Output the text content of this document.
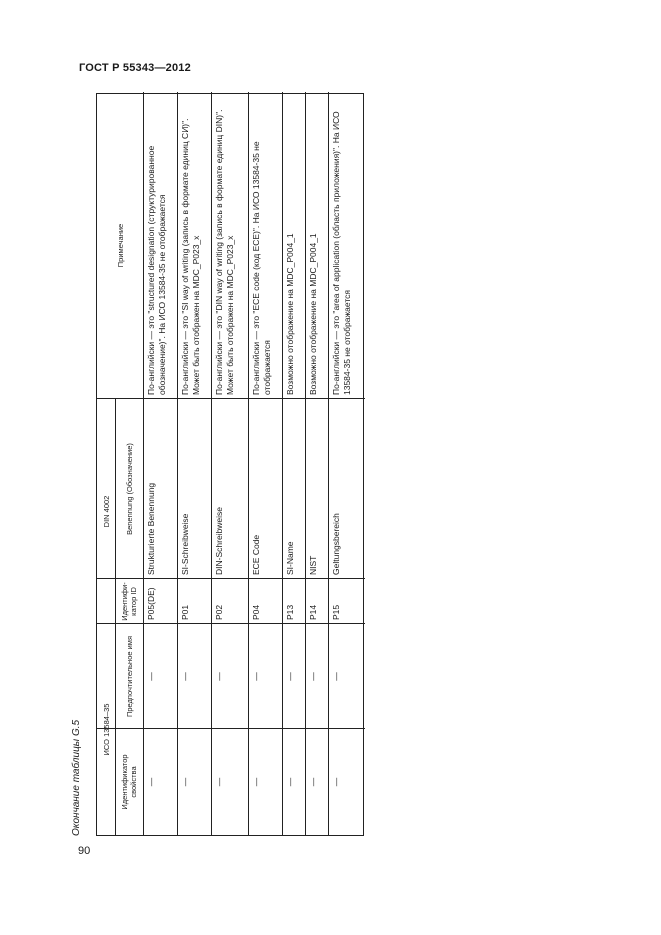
ГОСТ Р 55343—2012
Окончание таблицы G.5	ИСО 13584–35
DIN 4002
Идентификатор свойства
Предпочтительное имя
Идентифи-катор ID
Benennung (Обозначение)
Примечание
—
—
P05(DE)
Strukturierte Benennung
По-английски — это "structured designation (структурированное обозначение)". На ИСО 13584-35 не отображается
—
—
P01
SI-Schreibweise
По-английски — это "SI way of writing (запись в формате единиц СИ)". Может быть отображен на MDC_P023_x
—
—
P02
DIN-Schreibweise
По-английски — это "DIN way of writing (запись в формате единиц DIN)". Может быть отображен на MDC_P023_x
—
—
P04
ECE Code
По-английски — это "ECE code (код ECE)". На ИСО 13584-35 не отображается
—
—
P13
SI-Name
Возможно отображение на MDC_P004_1
—
—
P14
NIST
Возможно отображение на MDC_P004_1
—
—
P15
Geltungsbereich
По-английски — это "area of application (область приложения)". На ИСО 13584-35 не отображается
90
